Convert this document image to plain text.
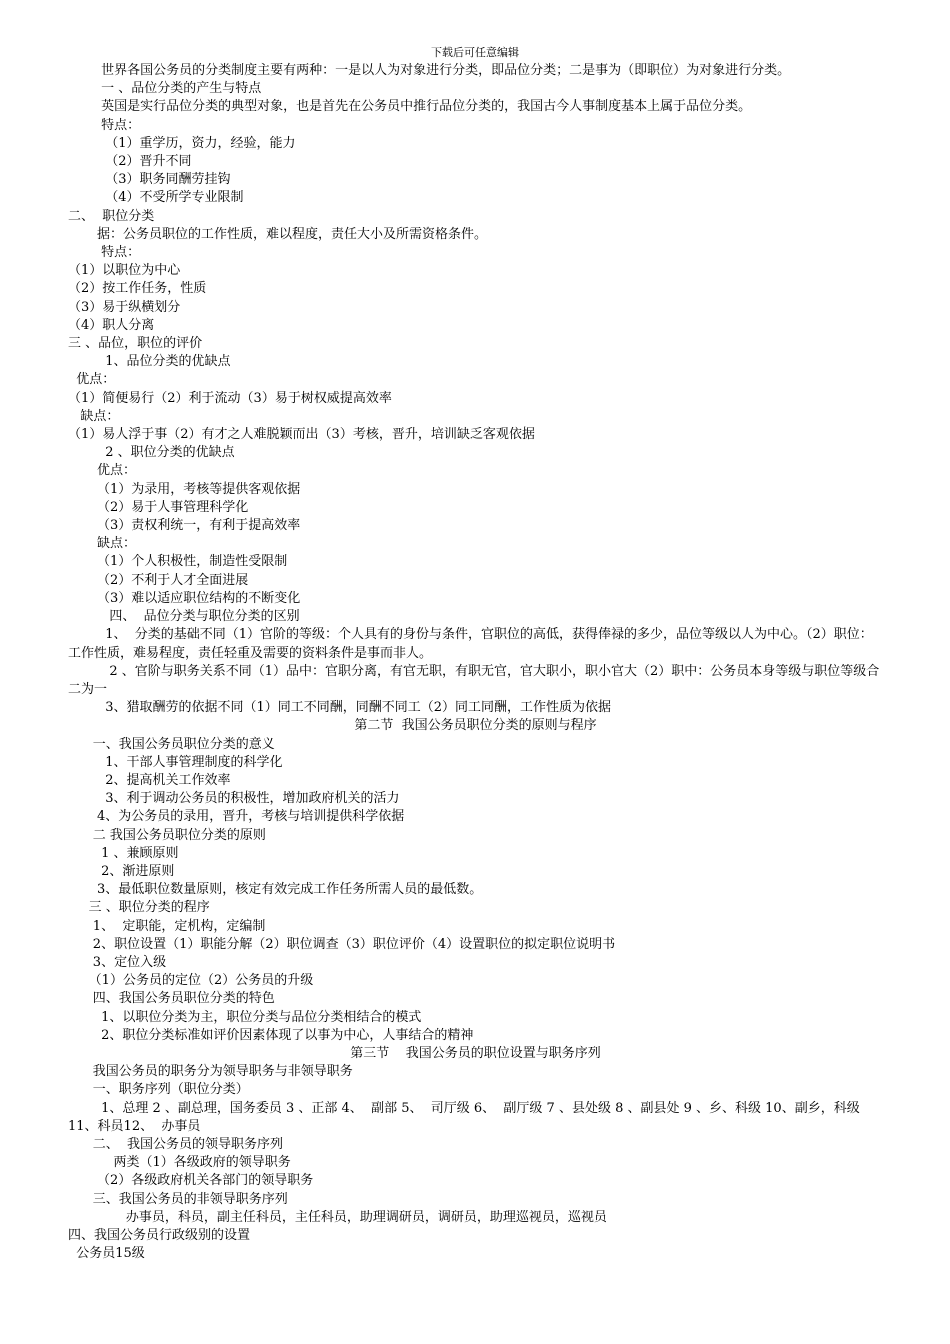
下载后可任意编辑

世界各国公务员的分类制度主要有两种：一是以人为对象进行分类，即品位分类；二是事为（即职位）为对象进行分类。

一 、品位分类的产生与特点

英国是实行品位分类的典型对象，也是首先在公务员中推行品位分类的，我国古今人事制度基本上属于品位分类。

特点：

（1）重学历，资力，经验，能力

（2）晋升不同

（3）职务同酬劳挂钩

（4）不受所学专业限制

二、  职位分类

据：公务员职位的工作性质，难以程度，责任大小及所需资格条件。

特点：

（1）以职位为中心

（2）按工作任务，性质

（3）易于纵横划分

（4）职人分离

三 、品位，职位的评价

1、品位分类的优缺点

优点：

（1）简便易行（2）利于流动（3）易于树权威提高效率

缺点：

（1）易人浮于事（2）有才之人难脱颖而出（3）考核，晋升，培训缺乏客观依据

2 、职位分类的优缺点

优点：

（1）为录用，考核等提供客观依据

（2）易于人事管理科学化

（3）责权利统一，有利于提高效率

缺点：

（1）个人积极性，制造性受限制

（2）不利于人才全面进展

（3）难以适应职位结构的不断变化

四、  品位分类与职位分类的区别

1、  分类的基础不同（1）官阶的等级：个人具有的身份与条件，官职位的高低，获得俸禄的多少，品位等级以人为中心。（2）职位：工作性质，难易程度，责任轻重及需要的资料条件是事而非人。

2 、官阶与职务关系不同（1）品中：官职分离，有官无职，有职无官，官大职小，职小官大（2）职中：公务员本身等级与职位等级合二为一

3、猎取酬劳的依据不同（1）同工不同酬，同酬不同工（2）同工同酬，工作性质为依据

第二节  我国公务员职位分类的原则与程序

一、我国公务员职位分类的意义

1、干部人事管理制度的科学化

2、提高机关工作效率

3、利于调动公务员的积极性，增加政府机关的活力

4、为公务员的录用，晋升，考核与培训提供科学依据

二 我国公务员职位分类的原则

1 、兼顾原则

2、渐进原则

3、最低职位数量原则，核定有效完成工作任务所需人员的最低数。

三 、职位分类的程序

1、  定职能，定机构，定编制

2、职位设置（1）职能分解（2）职位调查（3）职位评价（4）设置职位的拟定职位说明书

3、定位入级

（1）公务员的定位（2）公务员的升级

四、我国公务员职位分类的特色

1、以职位分类为主，职位分类与品位分类相结合的模式

2、职位分类标准如评价因素体现了以事为中心，人事结合的精神

第三节    我国公务员的职位设置与职务序列

我国公务员的职务分为领导职务与非领导职务

一、职务序列（职位分类）

1、总理 2 、副总理，国务委员 3 、正部 4、  副部 5、  司厅级 6、  副厅级 7 、县处级 8 、副县处 9 、乡、科级 10、副乡，科级11、科员12、  办事员

二、  我国公务员的领导职务序列

两类（1）各级政府的领导职务

（2）各级政府机关各部门的领导职务

三、我国公务员的非领导职务序列

办事员，科员，副主任科员，主任科员，助理调研员，调研员，助理巡视员，巡视员

四、我国公务员行政级别的设置

公务员15级
